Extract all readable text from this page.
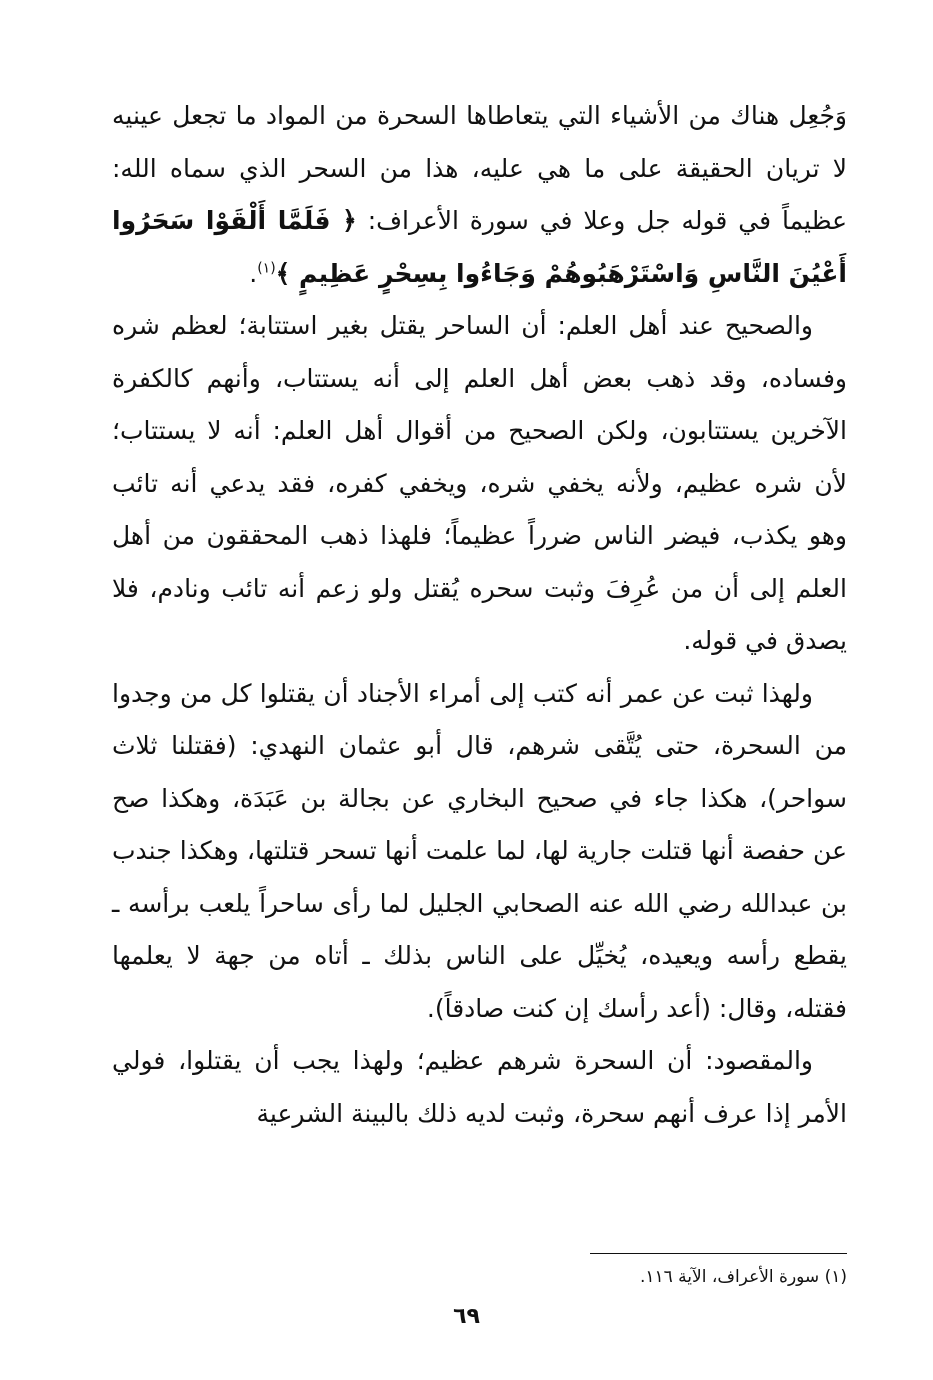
وَجُعِل هناك من الأشياء التي يتعاطاها السحرة من المواد ما تجعل عينيه لا تريان الحقيقة على ما هي عليه، هذا من السحر الذي سماه الله: عظيماً في قوله جل وعلا في سورة الأعراف: ﴿ فَلَمَّا أَلْقَوْا سَحَرُوا أَعْيُنَ النَّاسِ وَاسْتَرْهَبُوهُمْ وَجَاءُوا بِسِحْرٍ عَظِيمٍ ﴾$^{(١)}$.

والصحيح عند أهل العلم: أن الساحر يقتل بغير استتابة؛ لعظم شره وفساده، وقد ذهب بعض أهل العلم إلى أنه يستتاب، وأنهم كالكفرة الآخرين يستتابون، ولكن الصحيح من أقوال أهل العلم: أنه لا يستتاب؛ لأن شره عظيم، ولأنه يخفي شره، ويخفي كفره، فقد يدعي أنه تائب وهو يكذب، فيضر الناس ضرراً عظيماً؛ فلهذا ذهب المحققون من أهل العلم إلى أن من عُرِفَ وثبت سحره يُقتل ولو زعم أنه تائب ونادم، فلا يصدق في قوله.

ولهذا ثبت عن عمر أنه كتب إلى أمراء الأجناد أن يقتلوا كل من وجدوا من السحرة، حتى يُتَّقى شرهم، قال أبو عثمان النهدي: (فقتلنا ثلاث سواحر)، هكذا جاء في صحيح البخاري عن بجالة بن عَبَدَة، وهكذا صح عن حفصة أنها قتلت جارية لها، لما علمت أنها تسحر قتلتها، وهكذا جندب بن عبدالله رضي الله عنه الصحابي الجليل لما رأى ساحراً يلعب برأسه ـ يقطع رأسه ويعيده، يُخيِّل على الناس بذلك ـ أتاه من جهة لا يعلمها فقتله، وقال: (أعد رأسك إن كنت صادقاً).

والمقصود: أن السحرة شرهم عظيم؛ ولهذا يجب أن يقتلوا، فولي الأمر إذا عرف أنهم سحرة، وثبت لديه ذلك بالبينة الشرعية

(١) سورة الأعراف، الآية ١١٦.
٦٩
